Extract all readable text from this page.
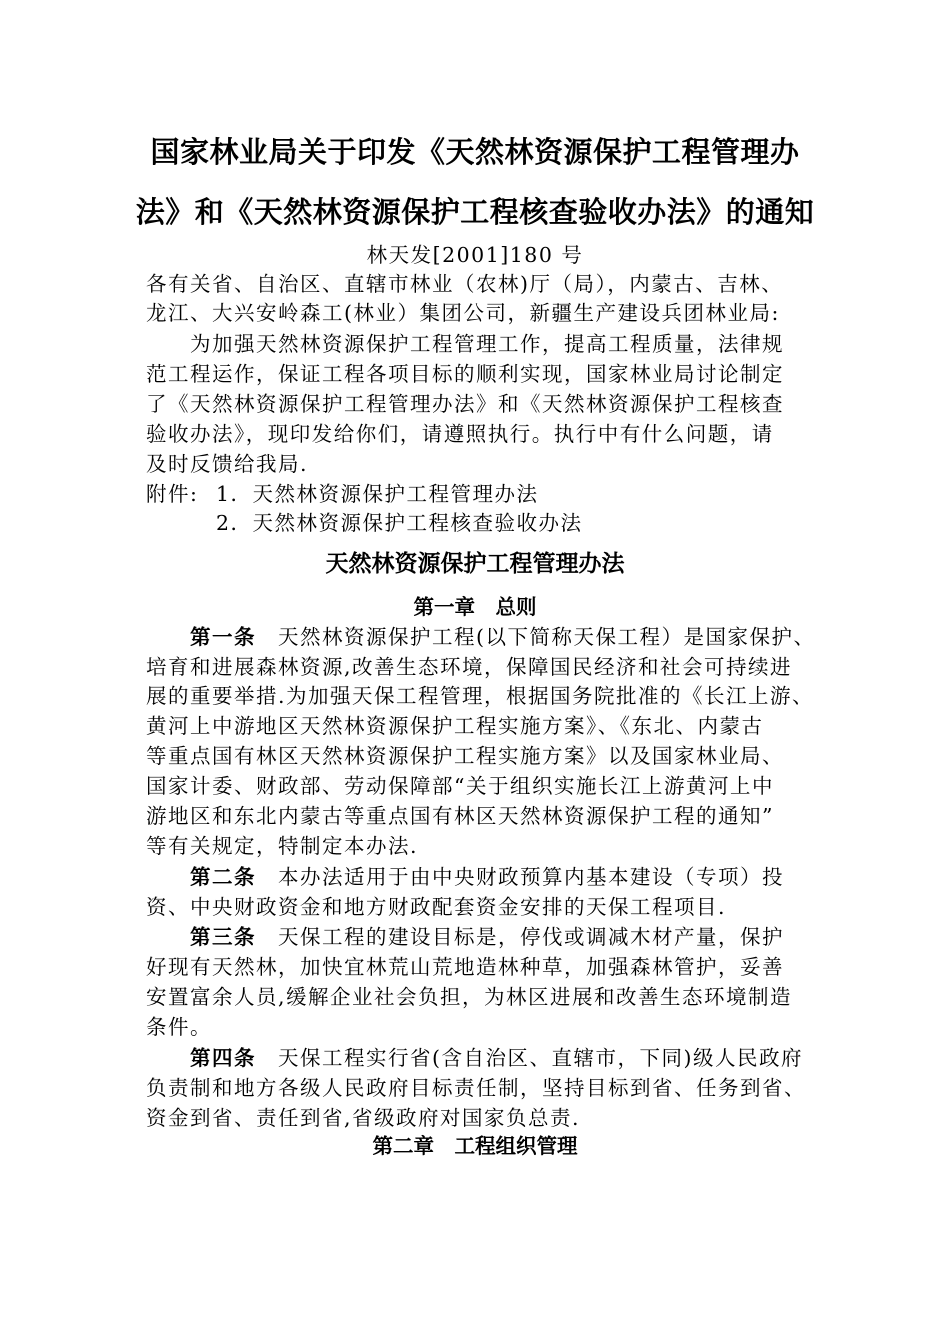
国家林业局关于印发《天然林资源保护工程管理办
法》和《天然林资源保护工程核查验收办法》的通知
林天发[2001]180 号
各有关省、自治区、直辖市林业（农林)厅（局），内蒙古、吉林、
龙江、大兴安岭森工(林业）集团公司，新疆生产建设兵团林业局:
为加强天然林资源保护工程管理工作，提高工程质量，法律规
范工程运作，保证工程各项目标的顺利实现，国家林业局讨论制定
了《天然林资源保护工程管理办法》和《天然林资源保护工程核查
验收办法》，现印发给你们，请遵照执行。执行中有什么问题，请
及时反馈给我局.
附件: 1．天然林资源保护工程管理办法
2．天然林资源保护工程核查验收办法
天然林资源保护工程管理办法
第一章　总则
第一条　 天然林资源保护工程(以下简称天保工程）是国家保护、
培育和进展森林资源,改善生态环境，保障国民经济和社会可持续进
展的重要举措.为加强天保工程管理，根据国务院批准的《长江上游、
黄河上中游地区天然林资源保护工程实施方案》、《东北、内蒙古
等重点国有林区天然林资源保护工程实施方案》以及国家林业局、
国家计委、财政部、劳动保障部“关于组织实施长江上游黄河上中
游地区和东北内蒙古等重点国有林区天然林资源保护工程的通知”
等有关规定，特制定本办法.
第二条　 本办法适用于由中央财政预算内基本建设（专项）投
资、中央财政资金和地方财政配套资金安排的天保工程项目.
第三条　 天保工程的建设目标是，停伐或调减木材产量，保护
好现有天然林，加快宜林荒山荒地造林种草，加强森林管护，妥善
安置富余人员,缓解企业社会负担，为林区进展和改善生态环境制造
条件。
第四条　 天保工程实行省(含自治区、直辖市，下同)级人民政府
负责制和地方各级人民政府目标责任制，坚持目标到省、任务到省、
资金到省、责任到省,省级政府对国家负总责.
第二章　工程组织管理
